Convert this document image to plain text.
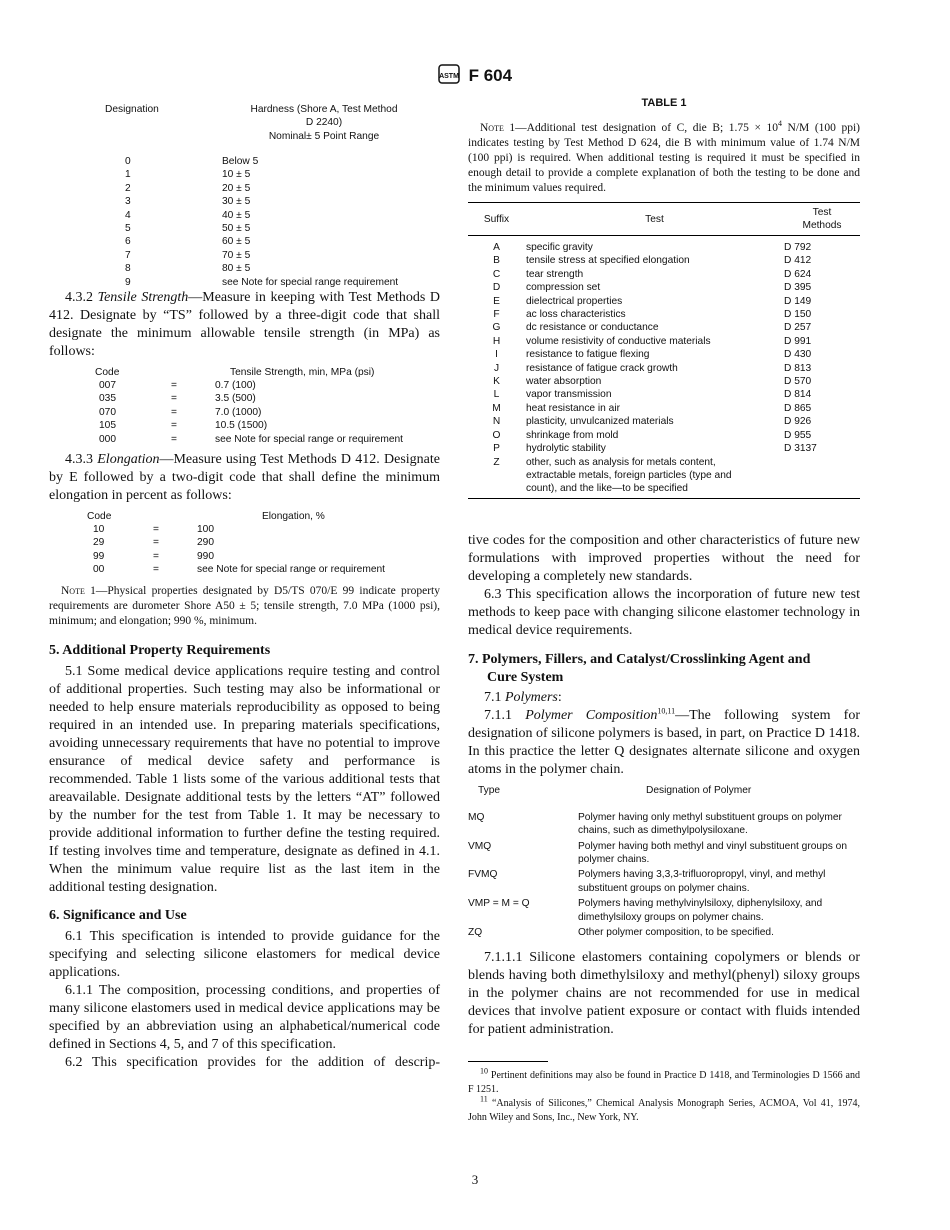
ASTM F 604
Designation	Hardness (Shore A, Test Method
D 2240)
Nominal± 5 Point Range
0	Below 5
1	10 ± 5
2	20 ± 5
3	30 ± 5
4	40 ± 5
5	50 ± 5
6	60 ± 5
7	70 ± 5
8	80 ± 5
9	see Note for special range requirement

4.3.2 Tensile Strength—Measure in keeping with Test Methods D 412. Designate by “TS” followed by a three-digit code that shall designate the minimum allowable tensile strength (in MPa) as follows:

Code	Tensile Strength, min, MPa (psi)
007	=	0.7 (100)
035	=	3.5 (500)
070	=	7.0 (1000)
105	=	10.5 (1500)
000	=	see Note for special range or requirement

4.3.3 Elongation—Measure using Test Methods D 412. Designate by E followed by a two-digit code that shall define the minimum elongation in percent as follows:

Code	Elongation, %
10	=	100
29	=	290
99	=	990
00	=	see Note for special range or requirement

Note 1—Physical properties designated by D5/TS 070/E 99 indicate property requirements are durometer Shore A50 ± 5; tensile strength, 7.0 MPa (1000 psi), minimum; and elongation; 990 %, minimum.

5. Additional Property Requirements

5.1 Some medical device applications require testing and control of additional properties. Such testing may also be informational or needed to help ensure materials reproducibility as opposed to being required in an intended use. In preparing materials specifications, avoiding unnecessary requirements that have no potential to improve ensurance of medical device safety and performance is recommended. Table 1 lists some of the various additional tests that areavailable. Designate additional tests by the letters “AT” followed by the number for the test from Table 1. It may be necessary to provide additional information to further define the testing required. If testing involves time and temperature, designate as defined in 4.1. When the minimum value require list as the last item in the additional testing designation.

6. Significance and Use

6.1 This specification is intended to provide guidance for the specifying and selecting silicone elastomers for medical device applications.

6.1.1 The composition, processing conditions, and properties of many silicone elastomers used in medical device applications may be specified by an abbreviation using an alphabetical/numerical code defined in Sections 4, 5, and 7 of this specification.

6.2 This specification provides for the addition of descrip-

TABLE 1

Note 1—Additional test designation of C, die B; $1.75 \times 10^4$ N/M (100 ppi) indicates testing by Test Method D 624, die B with minimum value of 1.74 N/M (100 ppi) is required. When additional testing is required it must be specified in enough detail to provide a complete explanation of both the testing to be done and the minimum values required.

Suffix	Test	Test
Methods

A	specific gravity	D 792
B	tensile stress at specified elongation	D 412
C	tear strength	D 624
D	compression set	D 395
E	dielectrical properties	D 149
F	ac loss characteristics	D 150
G	dc resistance or conductance	D 257
H	volume resistivity of conductive materials	D 991
I	resistance to fatigue flexing	D 430
J	resistance of fatigue crack growth	D 813
K	water absorption	D 570
L	vapor transmission	D 814
M	heat resistance in air	D 865
N	plasticity, unvulcanized materials	D 926
O	shrinkage from mold	D 955
P	hydrolytic stability	D 3137
Z	other, such as analysis for metals content, extractable metals, foreign particles (type and count), and the like—to be specified	

tive codes for the composition and other characteristics of future new formulations with improved properties without the need for developing a completely new standards.

6.3 This specification allows the incorporation of future new test methods to keep pace with changing silicone elastomer technology in medical device requirements.

7. Polymers, Fillers, and Catalyst/Crosslinking Agent and
Cure System

7.1 Polymers:

7.1.1 Polymer Composition$^{10,11}$—The following system for designation of silicone polymers is based, in part, on Practice D 1418. In this practice the letter Q designates alternate silicone and oxygen atoms in the polymer chain.

Type	Designation of Polymer
MQ	Polymer having only methyl substituent groups on polymer chains, such as dimethylpolysiloxane.
VMQ	Polymer having both methyl and vinyl substituent groups on polymer chains.
FVMQ	Polymers having 3,3,3-trifluoropropyl, vinyl, and methyl substituent groups on polymer chains.
VMP = M = Q	Polymers having methylvinylsiloxy, diphenylsiloxy, and dimethylsiloxy groups on polymer chains.
ZQ	Other polymer composition, to be specified.

7.1.1.1 Silicone elastomers containing copolymers or blends or blends having both dimethylsiloxy and methyl(phenyl) siloxy groups in the polymer chains are not recommended for use in medical devices that involve patient exposure or contact with fluids intended for patient administration.

$^{10}$ Pertinent definitions may also be found in Practice D 1418, and Terminologies D 1566 and F 1251.

$^{11}$ “Analysis of Silicones,” Chemical Analysis Monograph Series, ACMOA, Vol 41, 1974, John Wiley and Sons, Inc., New York, NY.

3
